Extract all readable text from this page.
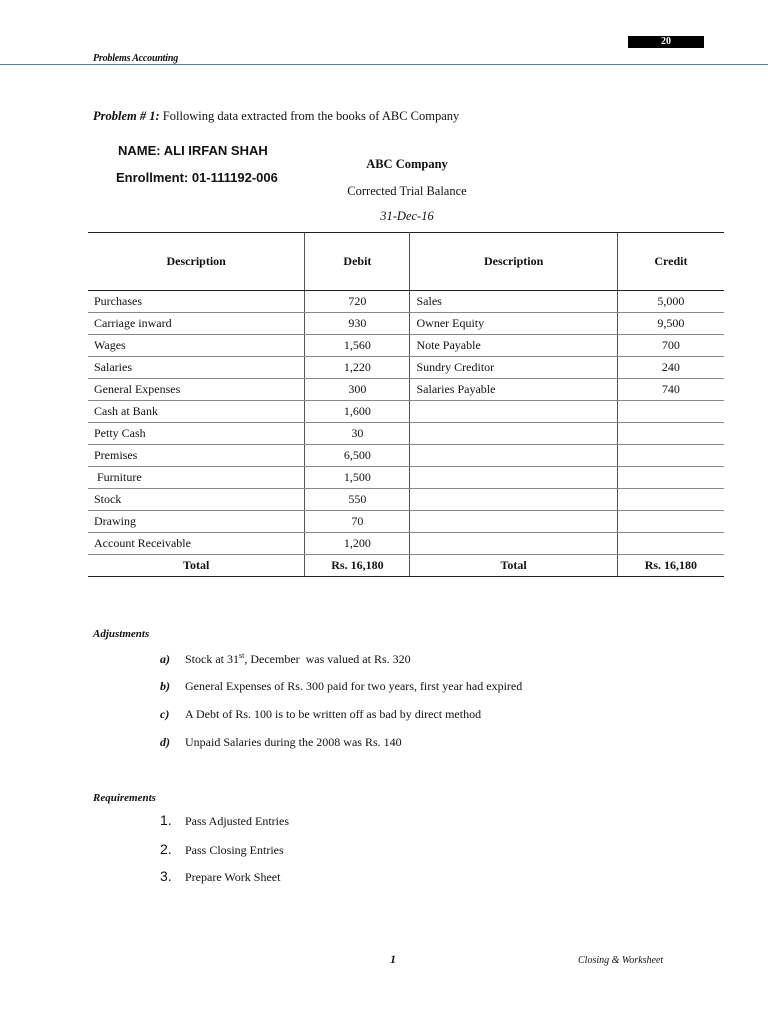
20
Problems Accounting
Problem # 1: Following data extracted from the books of ABC Company
NAME: ALI IRFAN SHAH
Enrollment: 01-111192-006
ABC Company
Corrected Trial Balance
31-Dec-16
Description	Debit	Description	Credit
Purchases	720	Sales	5,000
Carriage inward	930	Owner Equity	9,500
Wages	1,560	Note Payable	700
Salaries	1,220	Sundry Creditor	240
General Expenses	300	Salaries Payable	740
Cash at Bank	1,600		
Petty Cash	30		
Premises	6,500		
Furniture	1,500		
Stock	550		
Drawing	70		
Account Receivable	1,200		
Total	Rs. 16,180	Total	Rs. 16,180
Adjustments
a) Stock at 31st, December  was valued at Rs. 320
b) General Expenses of Rs. 300 paid for two years, first year had expired
c) A Debt of Rs. 100 is to be written off as bad by direct method
d) Unpaid Salaries during the 2008 was Rs. 140
Requirements
1. Pass Adjusted Entries
2. Pass Closing Entries
3. Prepare Work Sheet
1	Closing & Worksheet
